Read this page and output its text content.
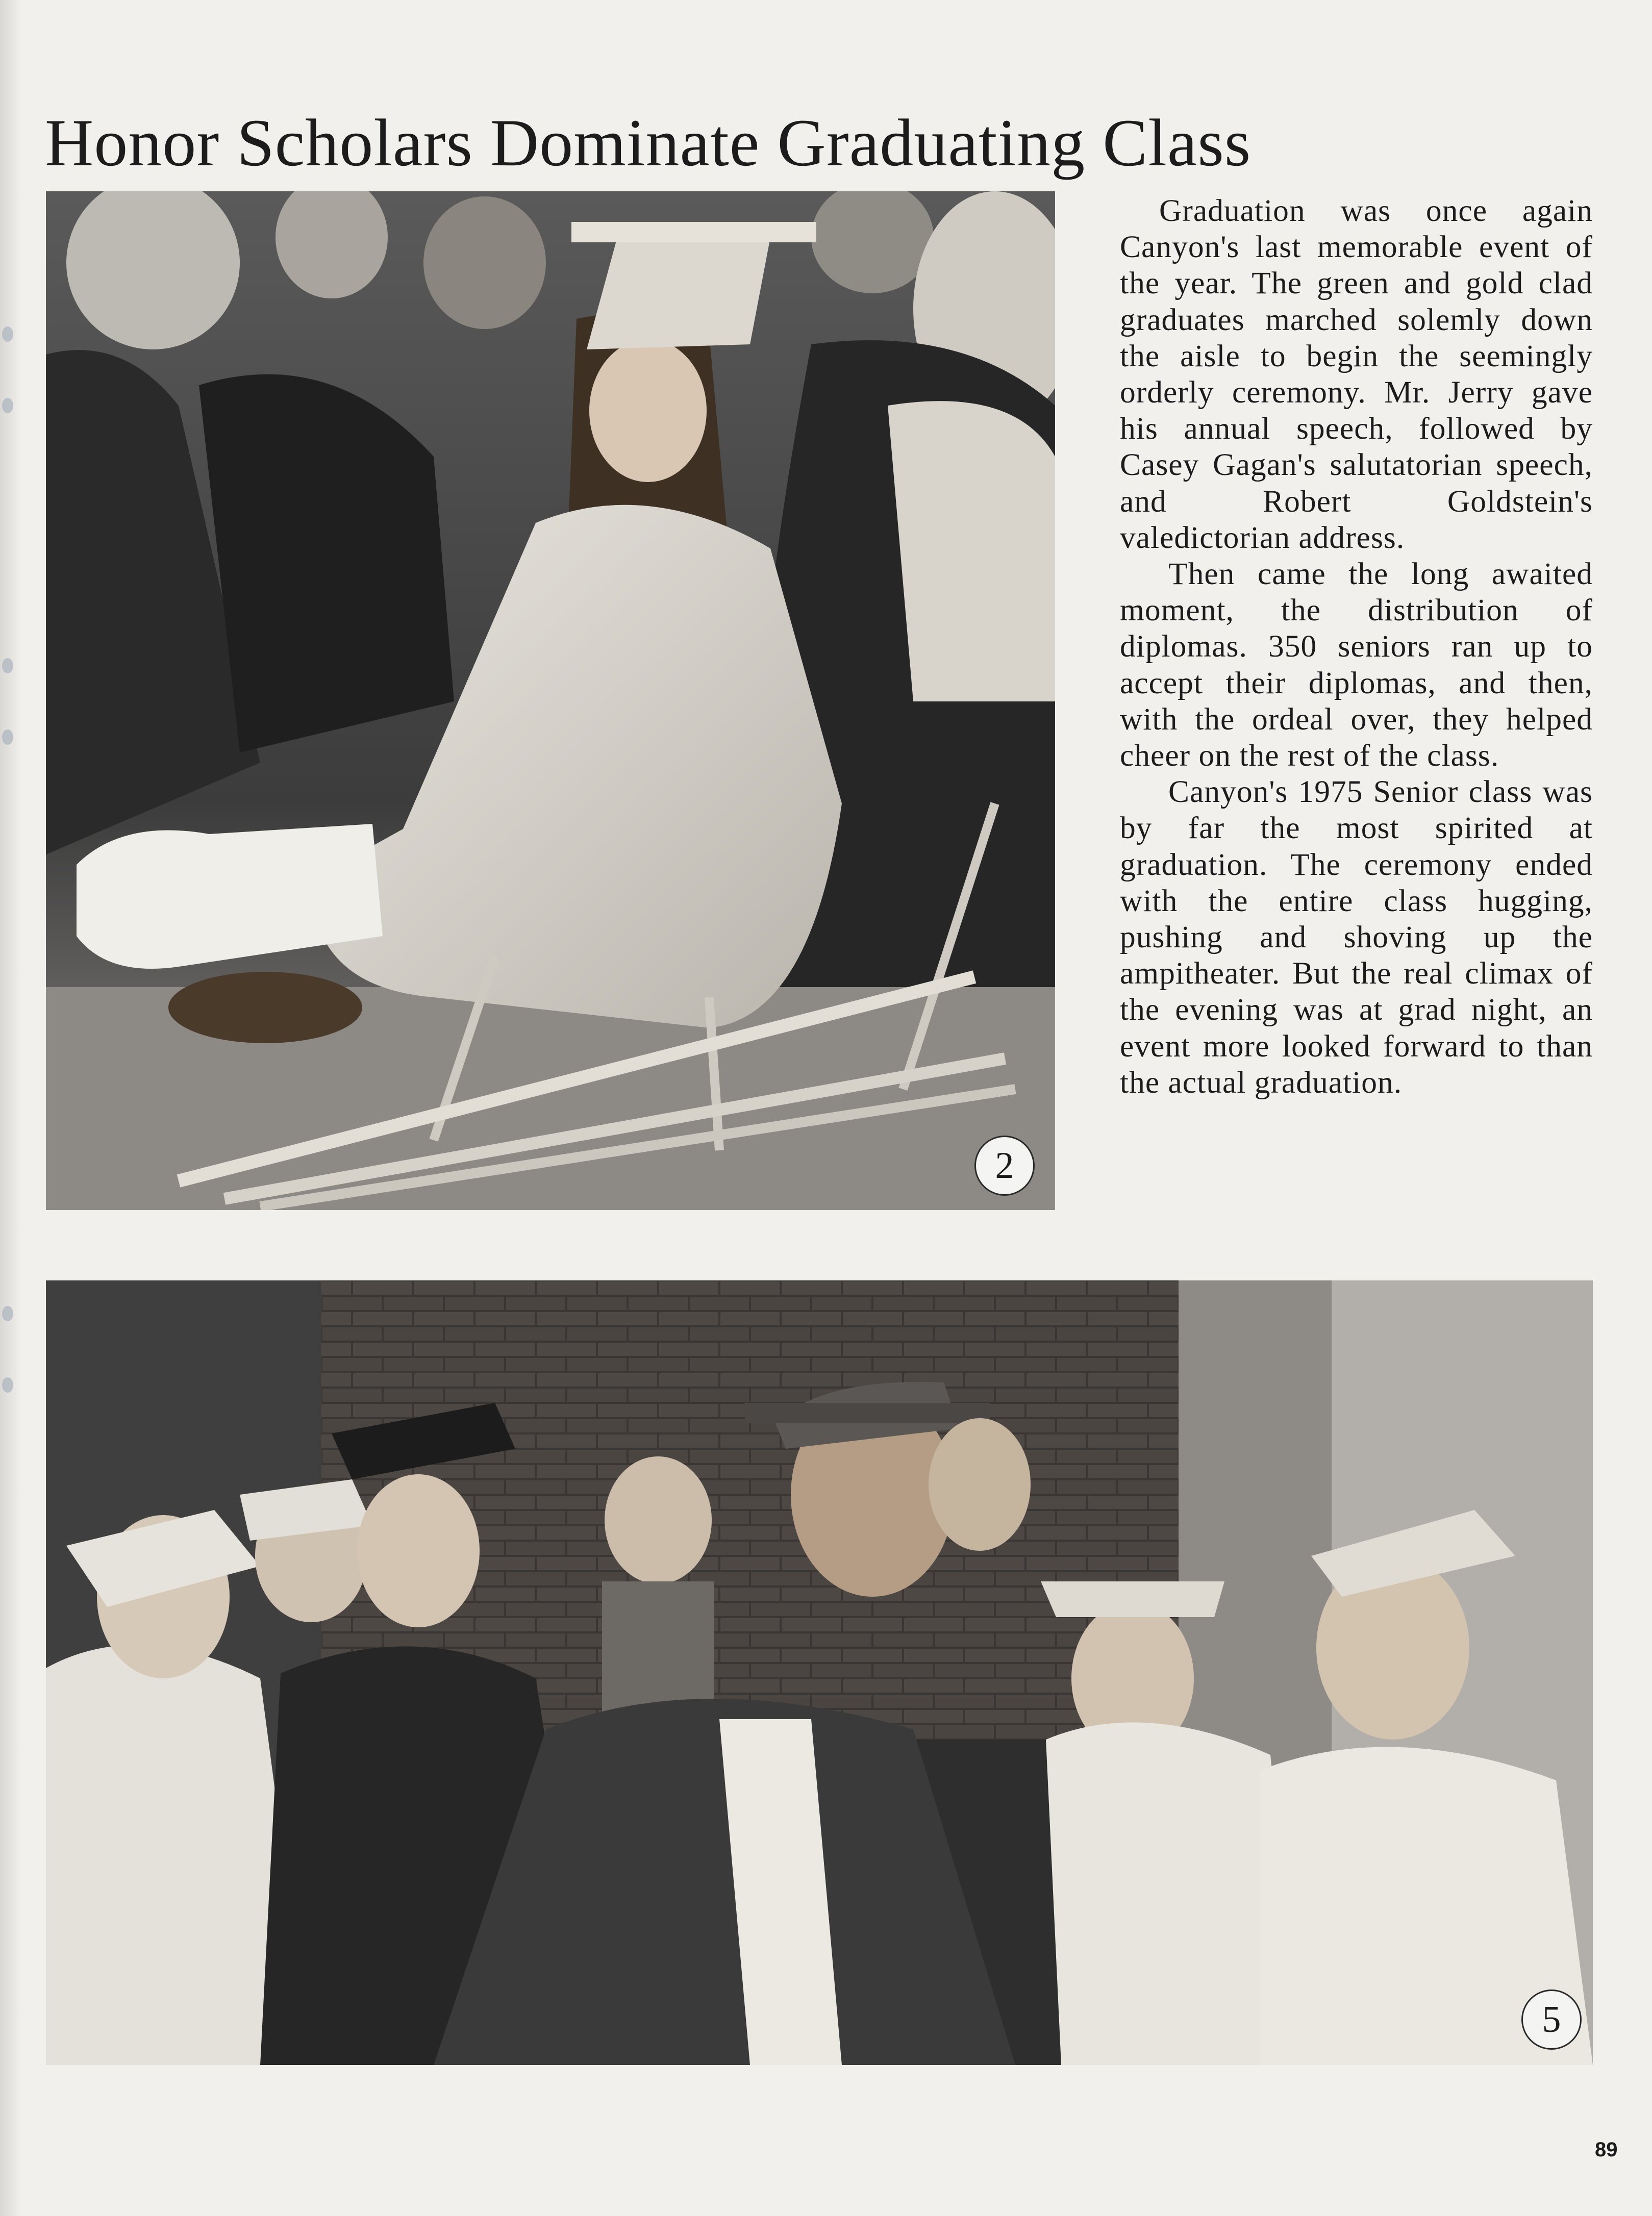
Honor Scholars Dominate Graduating Class
2

Graduation was once again Canyon's last memorable event of the year. The green and gold clad graduates marched solemly down the aisle to begin the seemingly orderly ceremony. Mr. Jerry gave his annual speech, followed by Casey Gagan's salutatorian speech, and Robert Goldstein's valedictorian address.

Then came the long awaited moment, the distribution of diplomas. 350 seniors ran up to accept their diplomas, and then, with the ordeal over, they helped cheer on the rest of the class.

Canyon's 1975 Senior class was by far the most spirited at graduation. The ceremony ended with the entire class hugging, pushing and shoving up the ampitheater. But the real climax of the evening was at grad night, an event more looked forward to than the actual graduation.

5
89
